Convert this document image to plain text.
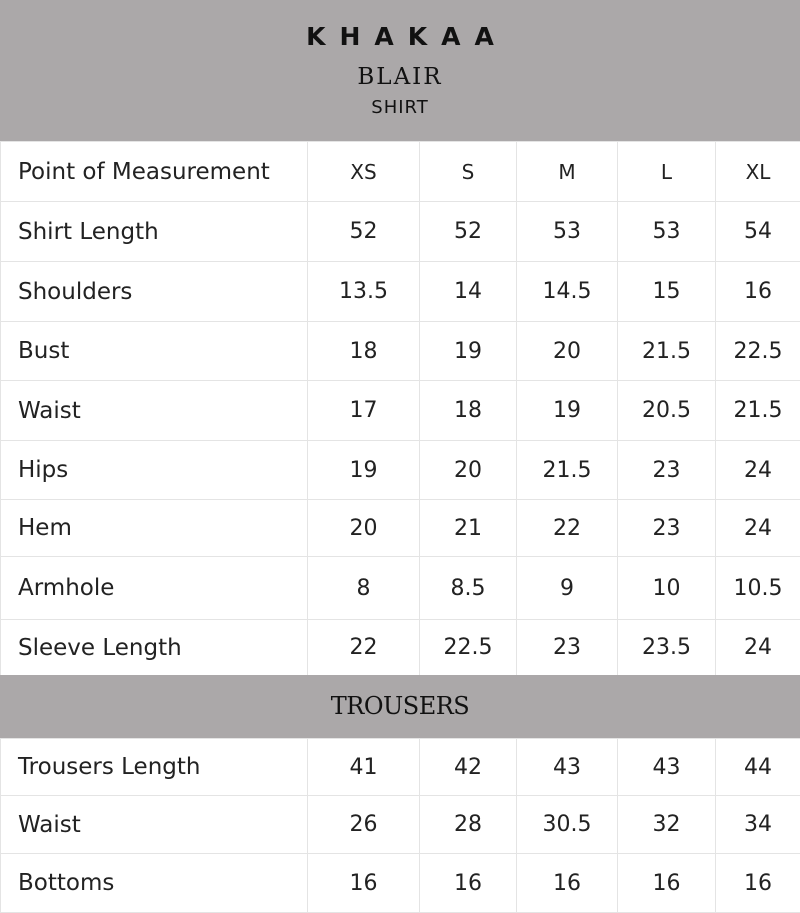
KHAKAA
BLAIR
SHIRT
Point of Measurement	XS	S	M	L	XL
Shirt Length	52	52	53	53	54
Shoulders	13.5	14	14.5	15	16
Bust	18	19	20	21.5	22.5
Waist	17	18	19	20.5	21.5
Hips	19	20	21.5	23	24
Hem	20	21	22	23	24
Armhole	8	8.5	9	10	10.5
Sleeve Length	22	22.5	23	23.5	24
TROUSERS
Trousers Length	41	42	43	43	44
Waist	26	28	30.5	32	34
Bottoms	16	16	16	16	16
